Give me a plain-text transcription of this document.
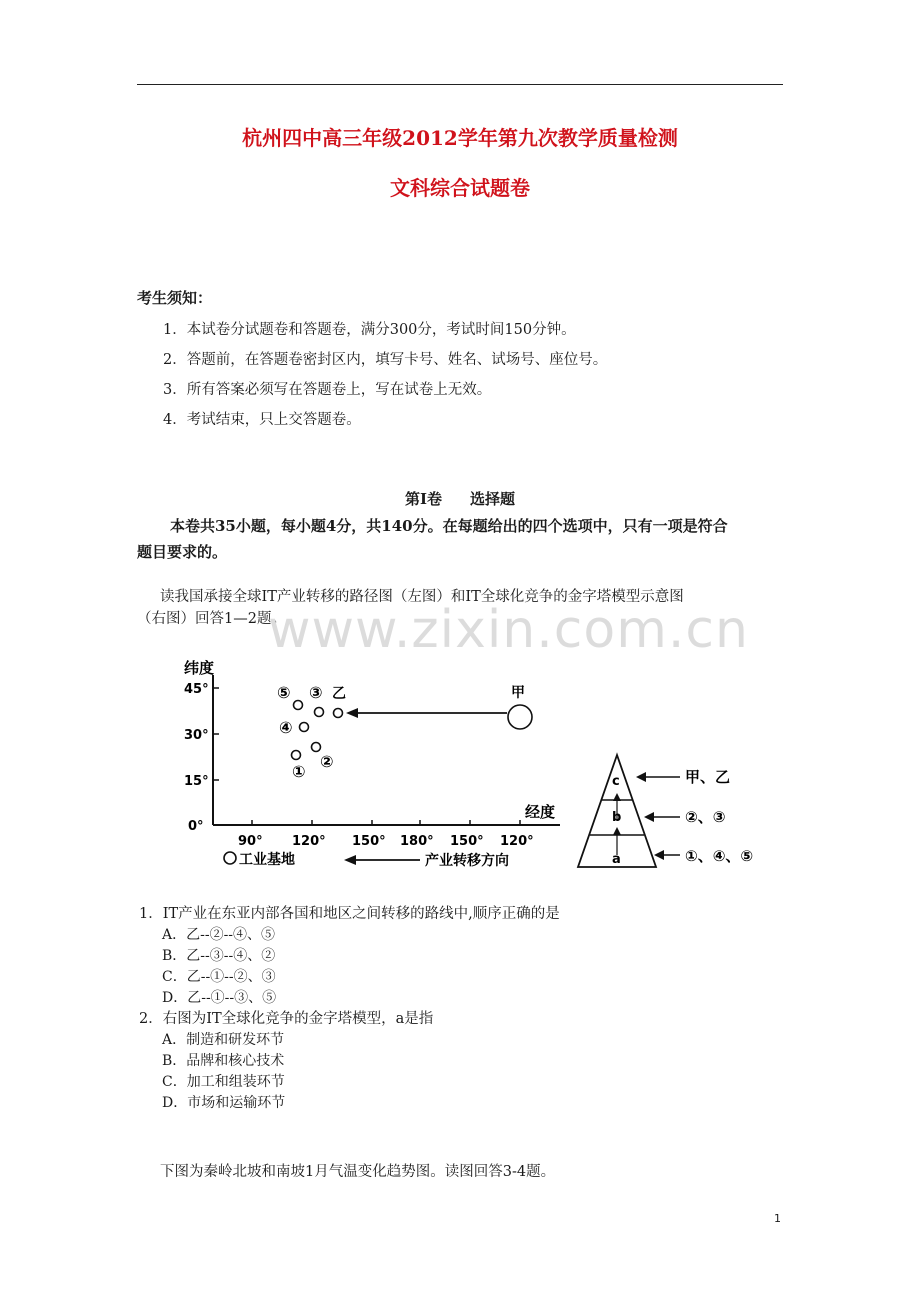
杭州四中高三年级2012学年第九次教学质量检测
文科综合试题卷
考生须知：
1．本试卷分试题卷和答题卷，满分300分，考试时间150分钟。
2．答题前，在答题卷密封区内，填写卡号、姓名、试场号、座位号。
3．所有答案必须写在答题卷上，写在试卷上无效。
4．考试结束，只上交答题卷。
第Ⅰ卷 选择题
本卷共35小题，每小题4分，共140分。在每题给出的四个选项中，只有一项是符合
题目要求的。
读我国承接全球IT产业转移的路径图（左图）和IT全球化竞争的金字塔模型示意图
（右图）回答1—2题。
www.zixin.com.cn
纬度
经度
45°
30°
15°
0°
90° 120° 150° 180° 150° 120°
⑤ ③ 乙
④
②
①
甲
○ 工业基地	产业转移方向
c
b
a
甲、乙
②、③
①、④、⑤
1．IT产业在东亚内部各国和地区之间转移的路线中,顺序正确的是
A．乙--②--④、⑤
B．乙--③--④、②
C．乙--①--②、③
D．乙--①--③、⑤
2．右图为IT全球化竞争的金字塔模型，a是指
A．制造和研发环节
B．品牌和核心技术
C．加工和组装环节
D．市场和运输环节
下图为秦岭北坡和南坡1月气温变化趋势图。读图回答3-4题。
1
